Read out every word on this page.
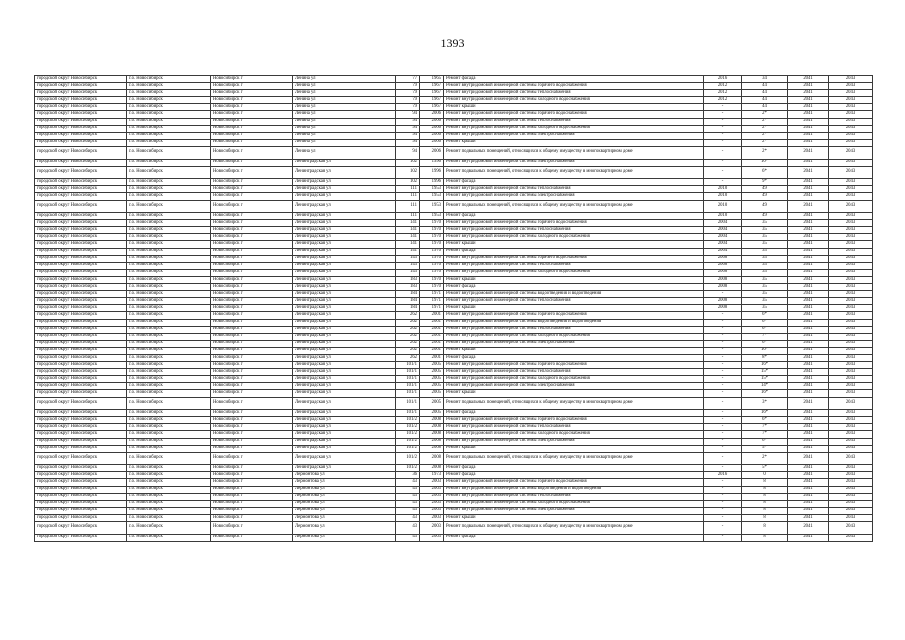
1393
городской округ Новосибирск	г.о. Новосибирск	Новосибирск г	Ленина ул	77	1965	Ремонт фасада	2016	34	2041	2043
городской округ Новосибирск	г.о. Новосибирск	Новосибирск г	Ленина ул	79	1967	Ремонт внутридомовой инженерной системы горячего водоснабжения	2012	44	2041	2043
городской округ Новосибирск	г.о. Новосибирск	Новосибирск г	Ленина ул	79	1967	Ремонт внутридомовой инженерной системы теплоснабжения	2012	44	2041	2043
городской округ Новосибирск	г.о. Новосибирск	Новосибирск г	Ленина ул	79	1967	Ремонт внутридомовой инженерной системы холодного водоснабжения	2012	44	2041	2043
городской округ Новосибирск	г.о. Новосибирск	Новосибирск г	Ленина ул	79	1967	Ремонт крыши	-	44	2041	2043
городской округ Новосибирск	г.о. Новосибирск	Новосибирск г	Ленина ул	94	2006	Ремонт внутридомовой инженерной системы горячего водоснабжения	-	2*	2041	2043
городской округ Новосибирск	г.о. Новосибирск	Новосибирск г	Ленина ул	94	2006	Ремонт внутридомовой инженерной системы теплоснабжения	-	2*	2041	2043
городской округ Новосибирск	г.о. Новосибирск	Новосибирск г	Ленина ул	94	2006	Ремонт внутридомовой инженерной системы холодного водоснабжения	-	2*	2041	2043
городской округ Новосибирск	г.о. Новосибирск	Новосибирск г	Ленина ул	94	2006	Ремонт внутридомовой инженерной системы электроснабжения	-	2*	2041	2043
городской округ Новосибирск	г.о. Новосибирск	Новосибирск г	Ленина ул	94	2006	Ремонт крыши	-	2*	2041	2043
городской округ Новосибирск	г.о. Новосибирск	Новосибирск г	Ленина ул	94	2006	Ремонт подвальных помещений, относящихся к общему имуществу в многоквартирном доме	-	2*	2041	2043
городской округ Новосибирск	г.о. Новосибирск	Новосибирск г	Ленинградская ул	102	1996	Ремонт внутридомовой инженерной системы электроснабжения	-	10*	2041	2043
городской округ Новосибирск	г.о. Новосибирск	Новосибирск г	Ленинградская ул	102	1996	Ремонт подвальных помещений, относящихся к общему имуществу в многоквартирном доме	-	6*	2041	2043
городской округ Новосибирск	г.о. Новосибирск	Новосибирск г	Ленинградская ул	102	1996	Ремонт фасада	-	9*	2041	2043
городской округ Новосибирск	г.о. Новосибирск	Новосибирск г	Ленинградская ул	111	1953	Ремонт внутридомовой инженерной системы теплоснабжения	2010	49	2041	2043
городской округ Новосибирск	г.о. Новосибирск	Новосибирск г	Ленинградская ул	111	1953	Ремонт внутридомовой инженерной системы электроснабжения	2010	49	2041	2043
городской округ Новосибирск	г.о. Новосибирск	Новосибирск г	Ленинградская ул	111	1953	Ремонт подвальных помещений, относящихся к общему имуществу в многоквартирном доме	2010	49	2041	2043
городской округ Новосибирск	г.о. Новосибирск	Новосибирск г	Ленинградская ул	111	1953	Ремонт фасада	2010	49	2041	2043
городской округ Новосибирск	г.о. Новосибирск	Новосибирск г	Ленинградская ул	141	1970	Ремонт внутридомовой инженерной системы горячего водоснабжения	2004	35	2041	2043
городской округ Новосибирск	г.о. Новосибирск	Новосибирск г	Ленинградская ул	141	1970	Ремонт внутридомовой инженерной системы теплоснабжения	2004	35	2041	2043
городской округ Новосибирск	г.о. Новосибирск	Новосибирск г	Ленинградская ул	141	1970	Ремонт внутридомовой инженерной системы холодного водоснабжения	2004	35	2041	2043
городской округ Новосибирск	г.о. Новосибирск	Новосибирск г	Ленинградская ул	141	1970	Ремонт крыши	2004	35	2041	2043
городской округ Новосибирск	г.о. Новосибирск	Новосибирск г	Ленинградская ул	141	1970	Ремонт фасада	2004	35	2041	2043
городской округ Новосибирск	г.о. Новосибирск	Новосибирск г	Ленинградская ул	143	1970	Ремонт внутридомовой инженерной системы горячего водоснабжения	2008	35	2041	2043
городской округ Новосибирск	г.о. Новосибирск	Новосибирск г	Ленинградская ул	143	1970	Ремонт внутридомовой инженерной системы теплоснабжения	2008	35	2041	2043
городской округ Новосибирск	г.о. Новосибирск	Новосибирск г	Ленинградская ул	143	1970	Ремонт внутридомовой инженерной системы холодного водоснабжения	2008	35	2041	2043
городской округ Новосибирск	г.о. Новосибирск	Новосибирск г	Ленинградская ул	183	1970	Ремонт крыши	2008	35	2041	2043
городской округ Новосибирск	г.о. Новосибирск	Новосибирск г	Ленинградская ул	183	1970	Ремонт фасада	2008	35	2041	2043
городской округ Новосибирск	г.о. Новосибирск	Новосибирск г	Ленинградская ул	184	1971	Ремонт внутридомовой инженерной системы водоотведения и водоотведения	-	35	2041	2043
городской округ Новосибирск	г.о. Новосибирск	Новосибирск г	Ленинградская ул	184	1971	Ремонт внутридомовой инженерной системы теплоснабжения	2008	35	2041	2043
городской округ Новосибирск	г.о. Новосибирск	Новосибирск г	Ленинградская ул	184	1971	Ремонт крыши	2008	35	2041	2043
городской округ Новосибирск	г.о. Новосибирск	Новосибирск г	Ленинградская ул	262	2001	Ремонт внутридомовой инженерной системы горячего водоснабжения	-	6*	2041	2043
городской округ Новосибирск	г.о. Новосибирск	Новосибирск г	Ленинградская ул	262	2001	Ремонт внутридомовой инженерной системы водоотведения и водоотведения	-	6*	2041	2043
городской округ Новосибирск	г.о. Новосибирск	Новосибирск г	Ленинградская ул	262	2001	Ремонт внутридомовой инженерной системы теплоснабжения	-	6*	2041	2043
городской округ Новосибирск	г.о. Новосибирск	Новосибирск г	Ленинградская ул	262	2001	Ремонт внутридомовой инженерной системы холодного водоснабжения	-	7*	2041	2043
городской округ Новосибирск	г.о. Новосибирск	Новосибирск г	Ленинградская ул	262	2001	Ремонт внутридомовой инженерной системы электроснабжения	-	6*	2041	2043
городской округ Новосибирск	г.о. Новосибирск	Новосибирск г	Ленинградская ул	262	2001	Ремонт крыши	-	10*	2041	2043
городской округ Новосибирск	г.о. Новосибирск	Новосибирск г	Ленинградская ул	262	2001	Ремонт фасада	-	8*	2041	2043
городской округ Новосибирск	г.о. Новосибирск	Новосибирск г	Ленинградская ул	101/1	2005	Ремонт внутридомовой инженерной системы горячего водоснабжения	-	16*	2041	2043
городской округ Новосибирск	г.о. Новосибирск	Новосибирск г	Ленинградская ул	101/1	2005	Ремонт внутридомовой инженерной системы теплоснабжения	-	15*	2041	2043
городской округ Новосибирск	г.о. Новосибирск	Новосибирск г	Ленинградская ул	101/1	2005	Ремонт внутридомовой инженерной системы холодного водоснабжения	-	15*	2041	2043
городской округ Новосибирск	г.о. Новосибирск	Новосибирск г	Ленинградская ул	101/1	2005	Ремонт внутридомовой инженерной системы электроснабжения	-	14*	2041	2043
городской округ Новосибирск	г.о. Новосибирск	Новосибирск г	Ленинградская ул	101/1	2005	Ремонт крыши	-	16*	2041	2043
городской округ Новосибирск	г.о. Новосибирск	Новосибирск г	Ленинградская ул	101/1	2005	Ремонт подвальных помещений, относящихся к общему имуществу в многоквартирном доме	-	3*	2041	2043
городской округ Новосибирск	г.о. Новосибирск	Новосибирск г	Ленинградская ул	101/1	2005	Ремонт фасада	-	16*	2041	2043
городской округ Новосибирск	г.о. Новосибирск	Новосибирск г	Ленинградская ул	101/2	2008	Ремонт внутридомовой инженерной системы горячего водоснабжения	-	6*	2041	2043
городской округ Новосибирск	г.о. Новосибирск	Новосибирск г	Ленинградская ул	101/2	2008	Ремонт внутридомовой инженерной системы теплоснабжения	-	7*	2041	2043
городской округ Новосибирск	г.о. Новосибирск	Новосибирск г	Ленинградская ул	101/2	2008	Ремонт внутридомовой инженерной системы холодного водоснабжения	-	7*	2041	2043
городской округ Новосибирск	г.о. Новосибирск	Новосибирск г	Ленинградская ул	101/2	2008	Ремонт внутридомовой инженерной системы электроснабжения	-	6*	2041	2043
городской округ Новосибирск	г.о. Новосибирск	Новосибирск г	Ленинградская ул	101/2	2008	Ремонт крыши	-	5*	2041	2043
городской округ Новосибирск	г.о. Новосибирск	Новосибирск г	Ленинградская ул	101/2	2008	Ремонт подвальных помещений, относящихся к общему имуществу в многоквартирном доме	-	2*	2041	2043
городской округ Новосибирск	г.о. Новосибирск	Новосибирск г	Ленинградская ул	101/2	2008	Ремонт фасада	-	5*	2041	2043
городской округ Новосибирск	г.о. Новосибирск	Новосибирск г	Лермонтова ул	36	1973	Ремонт фасада	2016	0	2041	2043
городской округ Новосибирск	г.о. Новосибирск	Новосибирск г	Лермонтова ул	43	2003	Ремонт внутридомовой инженерной системы горячего водоснабжения	-	8	2041	2043
городской округ Новосибирск	г.о. Новосибирск	Новосибирск г	Лермонтова ул	43	2003	Ремонт внутридомовой инженерной системы водоотведения и водоотведения	-	8	2041	2043
городской округ Новосибирск	г.о. Новосибирск	Новосибирск г	Лермонтова ул	43	2003	Ремонт внутридомовой инженерной системы теплоснабжения	-	8	2041	2043
городской округ Новосибирск	г.о. Новосибирск	Новосибирск г	Лермонтова ул	43	2003	Ремонт внутридомовой инженерной системы холодного водоснабжения	-	8	2041	2043
городской округ Новосибирск	г.о. Новосибирск	Новосибирск г	Лермонтова ул	43	2003	Ремонт внутридомовой инженерной системы электроснабжения	-	8	2041	2043
городской округ Новосибирск	г.о. Новосибирск	Новосибирск г	Лермонтова ул	43	2003	Ремонт крыши	-	8	2041	2043
городской округ Новосибирск	г.о. Новосибирск	Новосибирск г	Лермонтова ул	43	2003	Ремонт подвальных помещений, относящихся к общему имуществу в многоквартирном доме	-	8	2041	2043
городской округ Новосибирск	г.о. Новосибирск	Новосибирск г	Лермонтова ул	43	2003	Ремонт фасада	-	8	2041	2043
